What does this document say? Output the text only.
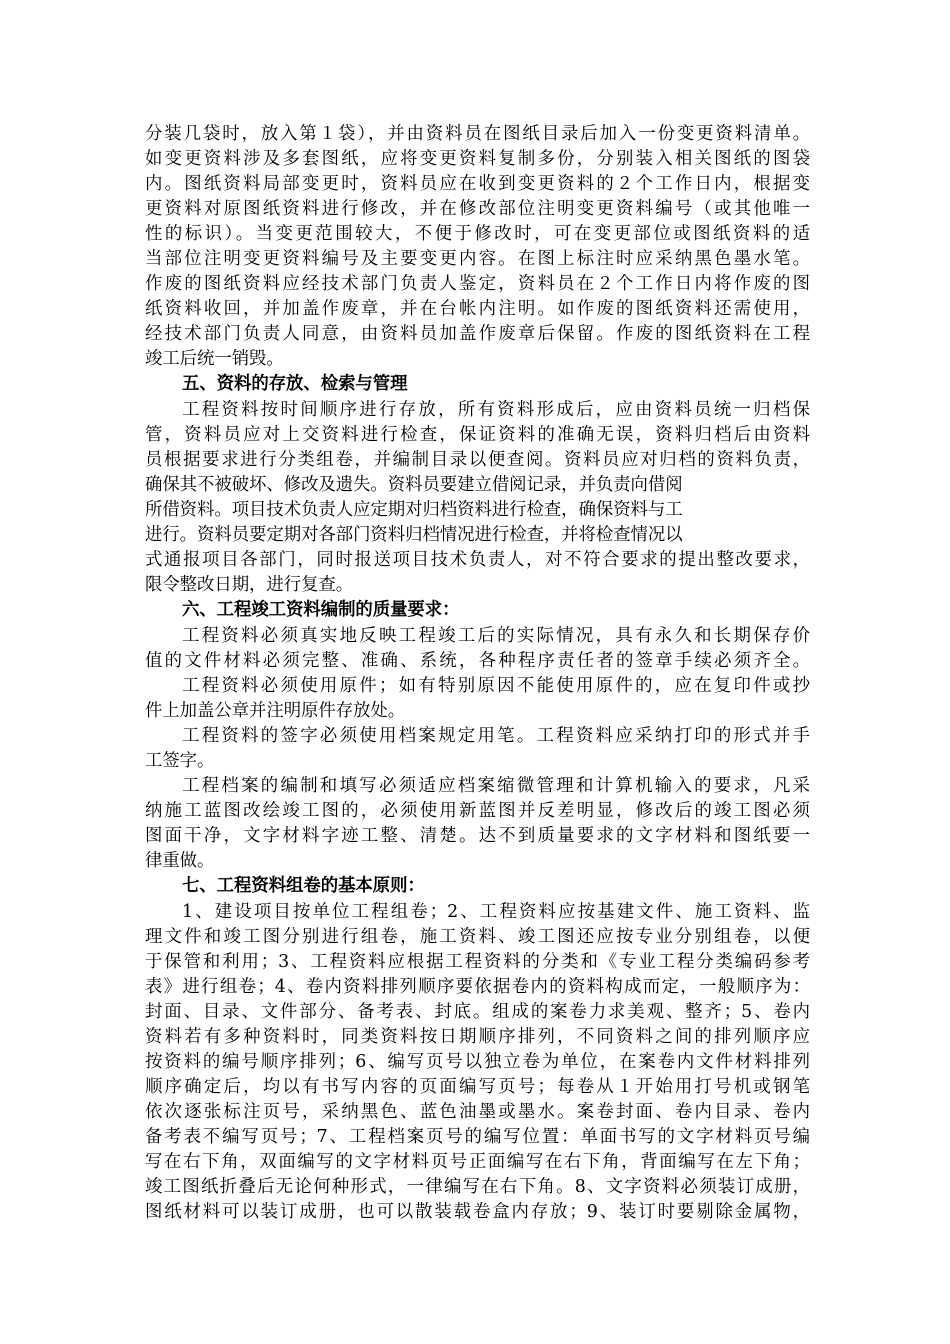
分装几袋时，放入第１袋），并由资料员在图纸目录后加入一份变更资料清单。
如变更资料涉及多套图纸，应将变更资料复制多份，分别装入相关图纸的图袋
内。图纸资料局部变更时，资料员应在收到变更资料的２个工作日内，根据变
更资料对原图纸资料进行修改，并在修改部位注明变更资料编号（或其他唯一
性的标识）。当变更范围较大，不便于修改时，可在变更部位或图纸资料的适
当部位注明变更资料编号及主要变更内容。在图上标注时应采纳黑色墨水笔。
作废的图纸资料应经技术部门负责人鉴定，资料员在２个工作日内将作废的图
纸资料收回，并加盖作废章，并在台帐内注明。如作废的图纸资料还需使用，
经技术部门负责人同意，由资料员加盖作废章后保留。作废的图纸资料在工程
竣工后统一销毁。
五、资料的存放、检索与管理
工程资料按时间顺序进行存放，所有资料形成后，应由资料员统一归档保
管，资料员应对上交资料进行检查，保证资料的准确无误，资料归档后由资料
员根据要求进行分类组卷，并编制目录以便查阅。资料员应对归档的资料负责，
确保其不被破坏、修改及遗失。资料员要建立借阅记录，并负责向借阅
所借资料。项目技术负责人应定期对归档资料进行检查，确保资料与工
进行。资料员要定期对各部门资料归档情况进行检查，并将检查情况以
式通报项目各部门，同时报送项目技术负责人，对不符合要求的提出整改要求，
限令整改日期，进行复查。
六、工程竣工资料编制的质量要求：
工程资料必须真实地反映工程竣工后的实际情况，具有永久和长期保存价
值的文件材料必须完整、准确、系统，各种程序责任者的签章手续必须齐全。
工程资料必须使用原件；如有特别原因不能使用原件的，应在复印件或抄
件上加盖公章并注明原件存放处。
工程资料的签字必须使用档案规定用笔。工程资料应采纳打印的形式并手
工签字。
工程档案的编制和填写必须适应档案缩微管理和计算机输入的要求，凡采
纳施工蓝图改绘竣工图的，必须使用新蓝图并反差明显，修改后的竣工图必须
图面干净，文字材料字迹工整、清楚。达不到质量要求的文字材料和图纸要一
律重做。
七、工程资料组卷的基本原则：
1、建设项目按单位工程组卷；2、工程资料应按基建文件、施工资料、监
理文件和竣工图分别进行组卷，施工资料、竣工图还应按专业分别组卷，以便
于保管和利用；3、工程资料应根据工程资料的分类和《专业工程分类编码参考
表》进行组卷；4、卷内资料排列顺序要依据卷内的资料构成而定，一般顺序为：
封面、目录、文件部分、备考表、封底。组成的案卷力求美观、整齐；5、卷内
资料若有多种资料时，同类资料按日期顺序排列，不同资料之间的排列顺序应
按资料的编号顺序排列；6、编写页号以独立卷为单位，在案卷内文件材料排列
顺序确定后，均以有书写内容的页面编写页号；每卷从１开始用打号机或钢笔
依次逐张标注页号，采纳黑色、蓝色油墨或墨水。案卷封面、卷内目录、卷内
备考表不编写页号；7、工程档案页号的编写位置：单面书写的文字材料页号编
写在右下角，双面编写的文字材料页号正面编写在右下角，背面编写在左下角；
竣工图纸折叠后无论何种形式，一律编写在右下角。8、文字资料必须装订成册，
图纸材料可以装订成册，也可以散装载卷盒内存放；9、装订时要剔除金属物，
